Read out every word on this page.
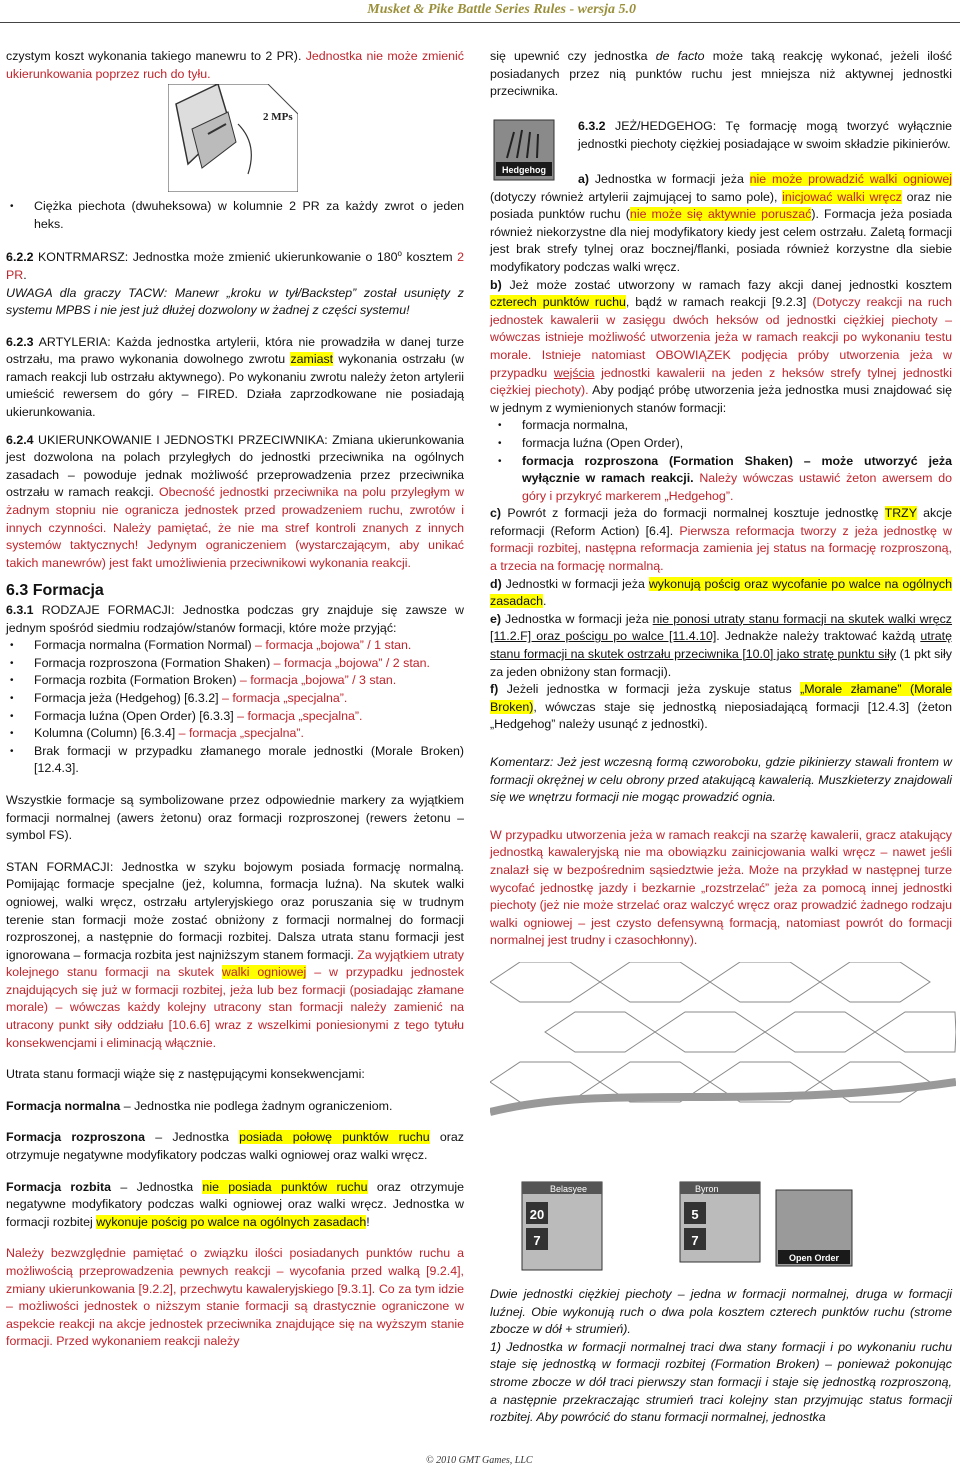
Musket & Pike Battle Series Rules - wersja 5.0
2 MPs
Hedgehog
Belasyee
20
7
Byron
5
7
Open Order

czystym koszt wykonania takiego manewru to 2 PR). Jednostka nie może zmienić ukierunkowania poprzez ruch do tyłu.

• Ciężka piechota (dwuheksowa) w kolumnie 2 PR za każdy zwrot o jeden heks.

6.2.2 KONTRMARSZ: Jednostka może zmienić ukierunkowanie o 180$^o$ kosztem 2 PR.

UWAGA dla graczy TACW: Manewr „kroku w tył/Backstep” został usunięty z systemu MPBS i nie jest już dłużej dozwolony w żadnej z części systemu!

6.2.3 ARTYLERIA: Każda jednostka artylerii, która nie prowadziła w danej turze ostrzału, ma prawo wykonania dowolnego zwrotu zamiast wykonania ostrzału (w ramach reakcji lub ostrzału aktywnego). Po wykonaniu zwrotu należy żeton artylerii umieścić rewersem do góry – FIRED. Działa zaprzodkowane nie posiadają ukierunkowania.

6.2.4 UKIERUNKOWANIE I JEDNOSTKI PRZECIWNIKA: Zmiana ukierunkowania jest dozwolona na polach przyległych do jednostki przeciwnika na ogólnych zasadach – powoduje jednak możliwość przeprowadzenia przez przeciwnika ostrzału w ramach reakcji. Obecność jednostki przeciwnika na polu przyległym w żadnym stopniu nie ogranicza jednostek przed prowadzeniem ruchu, zwrotów i innych czynności. Należy pamiętać, że nie ma stref kontroli znanych z innych systemów taktycznych! Jedynym ograniczeniem (wystarczającym, aby unikać takich manewrów) jest fakt umożliwienia przeciwnikowi wykonania reakcji.

6.3 Formacja

6.3.1 RODZAJE FORMACJI: Jednostka podczas gry znajduje się zawsze w jednym spośród siedmiu rodzajów/stanów formacji, które może przyjąć:

• Formacja normalna (Formation Normal) – formacja „bojowa” / 1 stan.
• Formacja rozproszona (Formation Shaken) – formacja „bojowa” / 2 stan.
• Formacja rozbita (Formation Broken) – formacja „bojowa” / 3 stan.
• Formacja jeża (Hedgehog) [6.3.2] – formacja „specjalna”.
• Formacja luźna (Open Order) [6.3.3] – formacja „specjalna”.
• Kolumna (Column) [6.3.4] – formacja „specjalna”.
• Brak formacji w przypadku złamanego morale jednostki (Morale Broken) [12.4.3].

Wszystkie formacje są symbolizowane przez odpowiednie markery za wyjątkiem formacji normalnej (awers żetonu) oraz formacji rozproszonej (rewers żetonu – symbol FS).

STAN FORMACJI: Jednostka w szyku bojowym posiada formację normalną. Pomijając formacje specjalne (jeż, kolumna, formacja luźna). Na skutek walki ogniowej, walki wręcz, ostrzału artyleryjskiego oraz poruszania się w trudnym terenie stan formacji może zostać obniżony z formacji normalnej do formacji rozproszonej, a następnie do formacji rozbitej. Dalsza utrata stanu formacji jest ignorowana – formacja rozbita jest najniższym stanem formacji. Za wyjątkiem utraty kolejnego stanu formacji na skutek walki ogniowej – w przypadku jednostek znajdujących się już w formacji rozbitej, jeża lub bez formacji (posiadając złamane morale) – wówczas każdy kolejny utracony stan formacji należy zamienić na utracony punkt siły oddziału [10.6.6] wraz z wszelkimi poniesionymi z tego tytułu konsekwencjami i eliminacją włącznie.

Utrata stanu formacji wiąże się z następującymi konsekwencjami:

Formacja normalna – Jednostka nie podlega żadnym ograniczeniom.

Formacja rozproszona – Jednostka posiada połowę punktów ruchu oraz otrzymuje negatywne modyfikatory podczas walki ogniowej oraz walki wręcz.

Formacja rozbita – Jednostka nie posiada punktów ruchu oraz otrzymuje negatywne modyfikatory podczas walki ogniowej oraz walki wręcz. Jednostka w formacji rozbitej wykonuje pościg po walce na ogólnych zasadach!

Należy bezwzględnie pamiętać o związku ilości posiadanych punktów ruchu a możliwością przeprowadzenia pewnych reakcji – wycofania przed walką [9.2.4], zmiany ukierunkowania [9.2.2], przechwytu kawaleryjskiego [9.3.1]. Co za tym idzie – możliwości jednostek o niższym stanie formacji są drastycznie ograniczone w aspekcie reakcji na akcje jednostek przeciwnika znajdujące się na wyższym stanie formacji. Przed wykonaniem reakcji należy

się upewnić czy jednostka de facto może taką reakcję wykonać, jeżeli ilość posiadanych przez nią punktów ruchu jest mniejsza niż aktywnej jednostki przeciwnika.

6.3.2 JEŻ/HEDGEHOG: Tę formację mogą tworzyć wyłącznie jednostki piechoty ciężkiej posiadające w swoim składzie pikinierów.

a) Jednostka w formacji jeża nie może prowadzić walki ogniowej (dotyczy również artylerii zajmującej to samo pole), inicjować walki wręcz oraz nie posiada punktów ruchu (nie może się aktywnie poruszać). Formacja jeża posiada również niekorzystne dla niej modyfikatory kiedy jest celem ostrzału. Zaletą formacji jest brak strefy tylnej oraz bocznej/flanki, posiada również korzystne dla siebie modyfikatory podczas walki wręcz.

b) Jeż może zostać utworzony w ramach fazy akcji danej jednostki kosztem czterech punktów ruchu, bądź w ramach reakcji [9.2.3] (Dotyczy reakcji na ruch jednostek kawalerii w zasięgu dwóch heksów od jednostki ciężkiej piechoty – wówczas istnieje możliwość utworzenia jeża w ramach reakcji po wykonaniu testu morale. Istnieje natomiast OBOWIĄZEK podjęcia próby utworzenia jeża w przypadku wejścia jednostki kawalerii na jeden z heksów strefy tylnej jednostki ciężkiej piechoty). Aby podjąć próbę utworzenia jeża jednostka musi znajdować się w jednym z wymienionych stanów formacji:

• formacja normalna,
• formacja luźna (Open Order),
• formacja rozproszona (Formation Shaken) – może utworzyć jeża wyłącznie w ramach reakcji. Należy wówczas ustawić żeton awersem do góry i przykryć markerem „Hedgehog”.

c) Powrót z formacji jeża do formacji normalnej kosztuje jednostkę TRZY akcje reformacji (Reform Action) [6.4]. Pierwsza reformacja tworzy z jeża jednostkę w formacji rozbitej, następna reformacja zamienia jej status na formację rozproszoną, a trzecia na formację normalną.

d) Jednostki w formacji jeża wykonują pościg oraz wycofanie po walce na ogólnych zasadach.

e) Jednostka w formacji jeża nie ponosi utraty stanu formacji na skutek walki wręcz [11.2.F] oraz pościgu po walce [11.4.10]. Jednakże należy traktować każdą utratę stanu formacji na skutek ostrzału przeciwnika [10.0] jako stratę punktu siły (1 pkt siły za jeden obniżony stan formacji).

f) Jeżeli jednostka w formacji jeża zyskuje status „Morale złamane” (Morale Broken), wówczas staje się jednostką nieposiadającą formacji [12.4.3] (żeton „Hedgehog” należy usunąć z jednostki).

Komentarz: Jeż jest wczesną formą czworoboku, gdzie pikinierzy stawali frontem w formacji okrężnej w celu obrony przed atakującą kawalerią. Muszkieterzy znajdowali się we wnętrzu formacji nie mogąc prowadzić ognia.

W przypadku utworzenia jeża w ramach reakcji na szarżę kawalerii, gracz atakujący jednostką kawaleryjską nie ma obowiązku zainicjowania walki wręcz – nawet jeśli znalazł się w bezpośrednim sąsiedztwie jeża. Może na przykład w następnej turze wycofać jednostkę jazdy i bezkarnie „rozstrzelać” jeża za pomocą innej jednostki piechoty (jeż nie może strzelać oraz walczyć wręcz oraz prowadzić żadnego rodzaju walki ogniowej – jest czysto defensywną formacją, natomiast powrót do formacji normalnej jest trudny i czasochłonny).

Dwie jednostki ciężkiej piechoty – jedna w formacji normalnej, druga w formacji luźnej. Obie wykonują ruch o dwa pola kosztem czterech punktów ruchu (strome zbocze w dół + strumień).

1) Jednostka w formacji normalnej traci dwa stany formacji i po wykonaniu ruchu staje się jednostką w formacji rozbitej (Formation Broken) – ponieważ pokonując strome zbocze w dół traci pierwszy stan formacji i staje się jednostką rozproszoną, a następnie przekraczając strumień traci kolejny stan przyjmując status formacji rozbitej. Aby powrócić do stanu formacji normalnej, jednostka

© 2010 GMT Games, LLC
